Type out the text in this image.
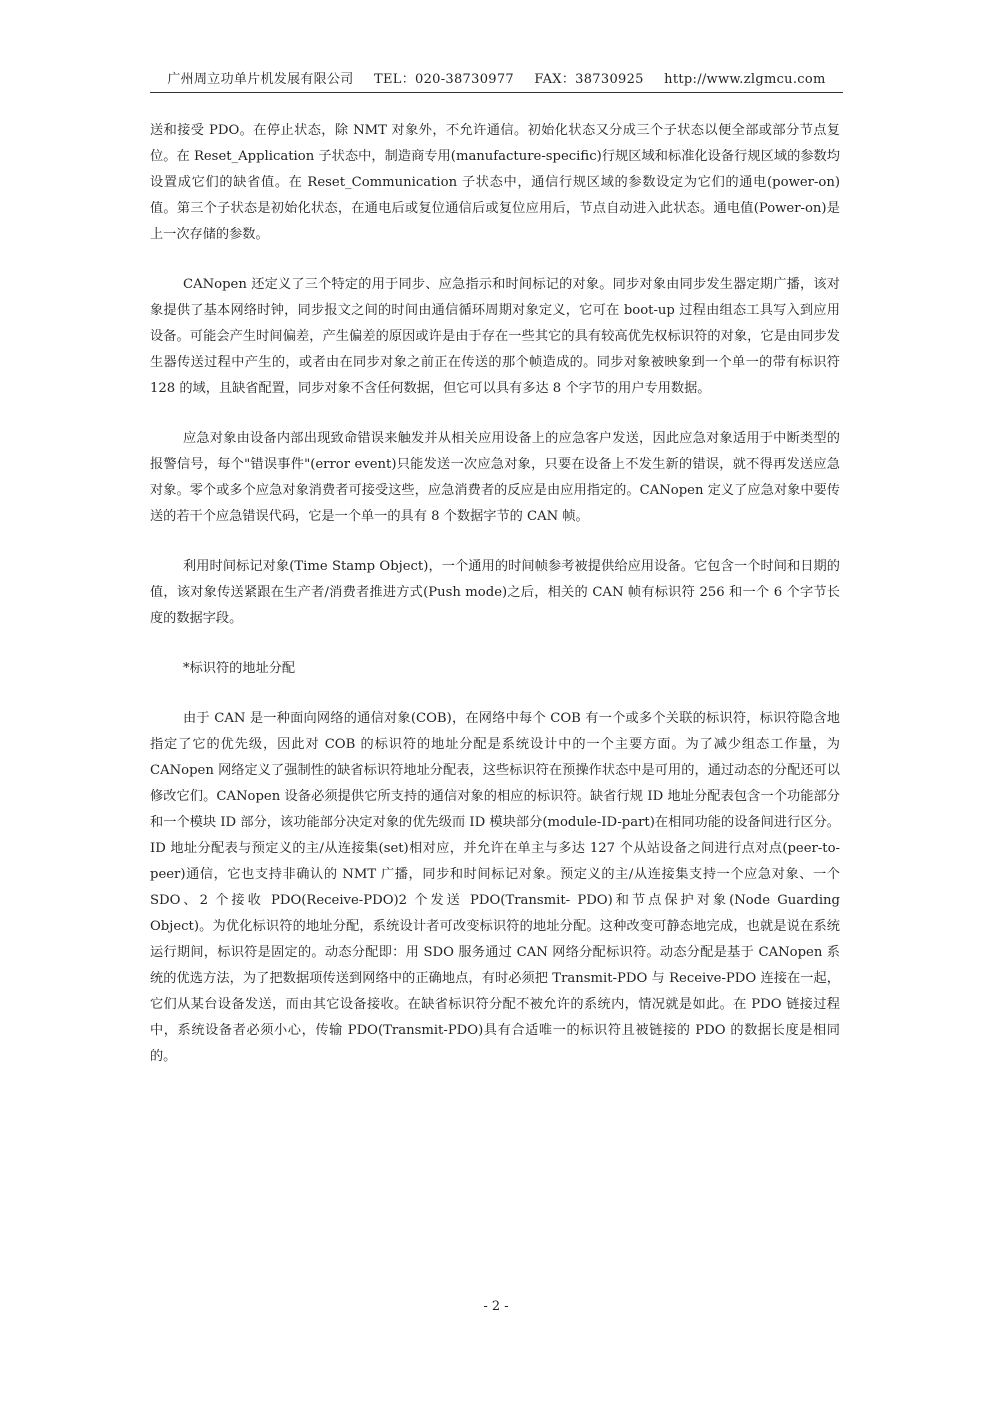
广州周立功单片机发展有限公司 TEL：020-38730977 FAX：38730925 http://www.zlgmcu.com

送和接受 PDO。在停止状态，除 NMT 对象外，不允许通信。初始化状态又分成三个子状态以便全部或部分节点复位。在 Reset_Application 子状态中，制造商专用(manufacture-specific)行规区域和标准化设备行规区域的参数均设置成它们的缺省值。在 Reset_Communication 子状态中，通信行规区域的参数设定为它们的通电(power-on)值。第三个子状态是初始化状态，在通电后或复位通信后或复位应用后，节点自动进入此状态。通电值(Power-on)是上一次存储的参数。

CANopen 还定义了三个特定的用于同步、应急指示和时间标记的对象。同步对象由同步发生器定期广播，该对象提供了基本网络时钟，同步报文之间的时间由通信循环周期对象定义，它可在 boot-up 过程由组态工具写入到应用设备。可能会产生时间偏差，产生偏差的原因或许是由于存在一些其它的具有较高优先权标识符的对象，它是由同步发生器传送过程中产生的，或者由在同步对象之前正在传送的那个帧造成的。同步对象被映象到一个单一的带有标识符 128 的域，且缺省配置，同步对象不含任何数据，但它可以具有多达 8 个字节的用户专用数据。

应急对象由设备内部出现致命错误来触发并从相关应用设备上的应急客户发送，因此应急对象适用于中断类型的报警信号，每个"错误事件"(error event)只能发送一次应急对象，只要在设备上不发生新的错误，就不得再发送应急对象。零个或多个应急对象消费者可接受这些，应急消费者的反应是由应用指定的。CANopen 定义了应急对象中要传送的若干个应急错误代码，它是一个单一的具有 8 个数据字节的 CAN 帧。

利用时间标记对象(Time Stamp Object)，一个通用的时间帧参考被提供给应用设备。它包含一个时间和日期的值，该对象传送紧跟在生产者/消费者推进方式(Push mode)之后，相关的 CAN 帧有标识符 256 和一个 6 个字节长度的数据字段。

*标识符的地址分配

由于 CAN 是一种面向网络的通信对象(COB)，在网络中每个 COB 有一个或多个关联的标识符，标识符隐含地指定了它的优先级，因此对 COB 的标识符的地址分配是系统设计中的一个主要方面。为了减少组态工作量，为 CANopen 网络定义了强制性的缺省标识符地址分配表，这些标识符在预操作状态中是可用的，通过动态的分配还可以修改它们。CANopen 设备必须提供它所支持的通信对象的相应的标识符。缺省行规 ID 地址分配表包含一个功能部分和一个模块 ID 部分，该功能部分决定对象的优先级而 ID 模块部分(module-ID-part)在相同功能的设备间进行区分。ID 地址分配表与预定义的主/从连接集(set)相对应，并允许在单主与多达 127 个从站设备之间进行点对点(peer-to-peer)通信，它也支持非确认的 NMT 广播，同步和时间标记对象。预定义的主/从连接集支持一个应急对象、一个 SDO、2 个接收 PDO(Receive-PDO)2 个发送 PDO(Transmit- PDO)和节点保护对象(Node Guarding Object)。为优化标识符的地址分配，系统设计者可改变标识符的地址分配。这种改变可静态地完成，也就是说在系统运行期间，标识符是固定的。动态分配即：用 SDO 服务通过 CAN 网络分配标识符。动态分配是基于 CANopen 系统的优选方法，为了把数据项传送到网络中的正确地点，有时必须把 Transmit-PDO 与 Receive-PDO 连接在一起，它们从某台设备发送，而由其它设备接收。在缺省标识符分配不被允许的系统内，情况就是如此。在 PDO 链接过程中，系统设备者必须小心，传输 PDO(Transmit-PDO)具有合适唯一的标识符且被链接的 PDO 的数据长度是相同的。

- 2 -
